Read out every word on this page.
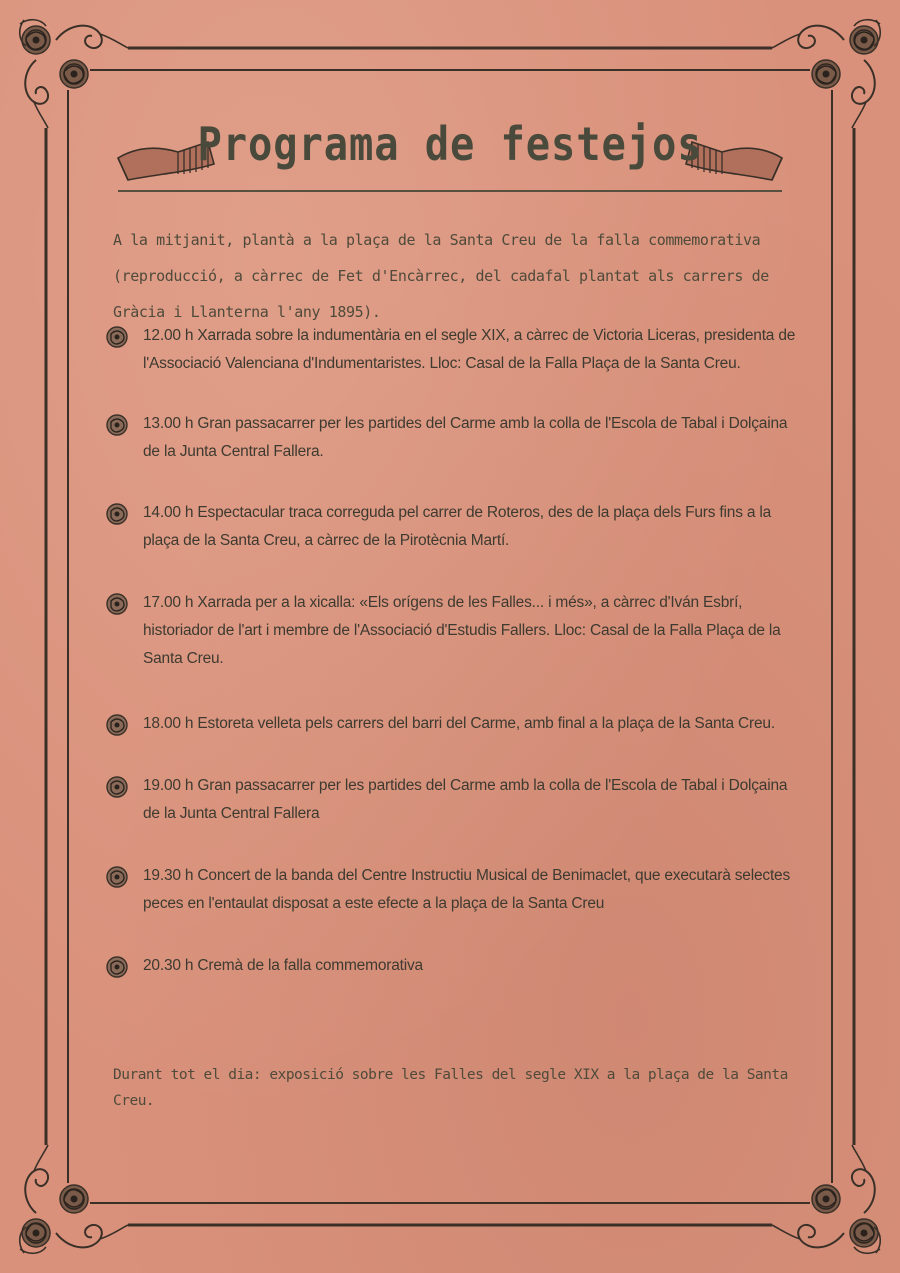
Programa de festejos
A la mitjanit, plantà a la plaça de la Santa Creu de la falla commemorativa (reproducció, a càrrec de Fet d'Encàrrec, del cadafal plantat als carrers de Gràcia i Llanterna l'any 1895).
12.00 h Xarrada sobre la indumentària en el segle XIX, a càrrec de Victoria Liceras, presidenta de l'Associació Valenciana d'Indumentaristes. Lloc: Casal de la Falla Plaça de la Santa Creu.
13.00 h Gran passacarrer per les partides del Carme amb la colla de l'Escola de Tabal i Dolçaina de la Junta Central Fallera.
14.00 h Espectacular traca correguda pel carrer de Roteros, des de la plaça dels Furs fins a la plaça de la Santa Creu, a càrrec de la Pirotècnia Martí.
17.00 h Xarrada per a la xicalla: «Els orígens de les Falles... i més», a càrrec d'Iván Esbrí, historiador de l'art i membre de l'Associació d'Estudis Fallers. Lloc: Casal de la Falla Plaça de la Santa Creu.
18.00 h Estoreta velleta pels carrers del barri del Carme, amb final a la plaça de la Santa Creu.
19.00 h Gran passacarrer per les partides del Carme amb la colla de l'Escola de Tabal i Dolçaina de la Junta Central Fallera
19.30 h Concert de la banda del Centre Instructiu Musical de Benimaclet, que executarà selectes peces en l'entaulat disposat a este efecte a la plaça de la Santa Creu
20.30 h Cremà de la falla commemorativa
Durant tot el dia: exposició sobre les Falles del segle XIX a la plaça de la Santa Creu.
